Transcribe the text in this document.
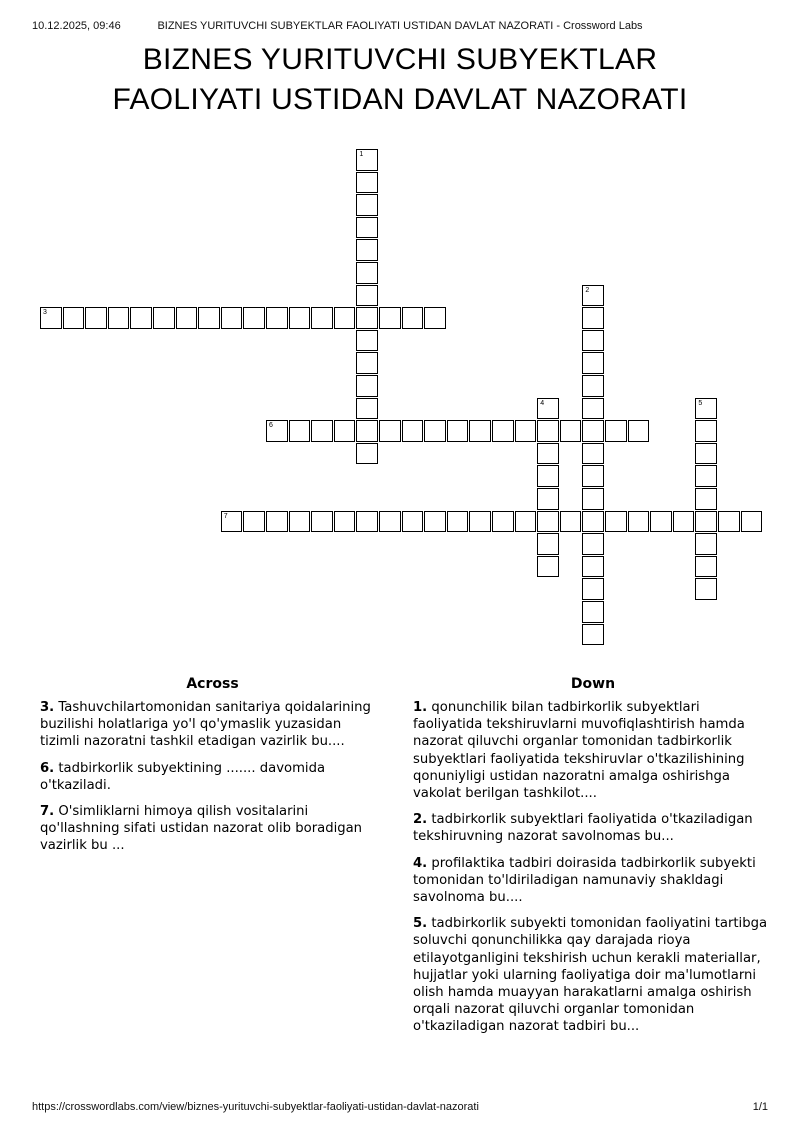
10.12.2025, 09:46	BIZNES YURITUVCHI SUBYEKTLAR FAOLIYATI USTIDAN DAVLAT NAZORATI - Crossword Labs
BIZNES YURITUVCHI SUBYEKTLAR
FAOLIYATI USTIDAN DAVLAT NAZORATI
1
2
3
4	5
6
7
Across
3. Tashuvchilartomonidan sanitariya qoidalarining buzilishi holatlariga yo'l qo'ymaslik yuzasidan tizimli nazoratni tashkil etadigan vazirlik bu....
6. tadbirkorlik subyektining ....... davomida o'tkaziladi.
7. O'simliklarni himoya qilish vositalarini qo'llashning sifati ustidan nazorat olib boradigan vazirlik bu ...
Down
1. qonunchilik bilan tadbirkorlik subyektlari faoliyatida tekshiruvlarni muvofiqlashtirish hamda nazorat qiluvchi organlar tomonidan tadbirkorlik subyektlari faoliyatida tekshiruvlar o'tkazilishining qonuniyligi ustidan nazoratni amalga oshirishga vakolat berilgan tashkilot....
2. tadbirkorlik subyektlari faoliyatida o'tkaziladigan tekshiruvning nazorat savolnomas bu...
4. profilaktika tadbiri doirasida tadbirkorlik subyekti tomonidan to'ldiriladigan namunaviy shakldagi savolnoma bu....
5. tadbirkorlik subyekti tomonidan faoliyatini tartibga soluvchi qonunchilikka qay darajada rioya etilayotganligini tekshirish uchun kerakli materiallar, hujjatlar yoki ularning faoliyatiga doir ma'lumotlarni olish hamda muayyan harakatlarni amalga oshirish orqali nazorat qiluvchi organlar tomonidan o'tkaziladigan nazorat tadbiri bu...
https://crosswordlabs.com/view/biznes-yurituvchi-subyektlar-faoliyati-ustidan-davlat-nazorati	1/1
